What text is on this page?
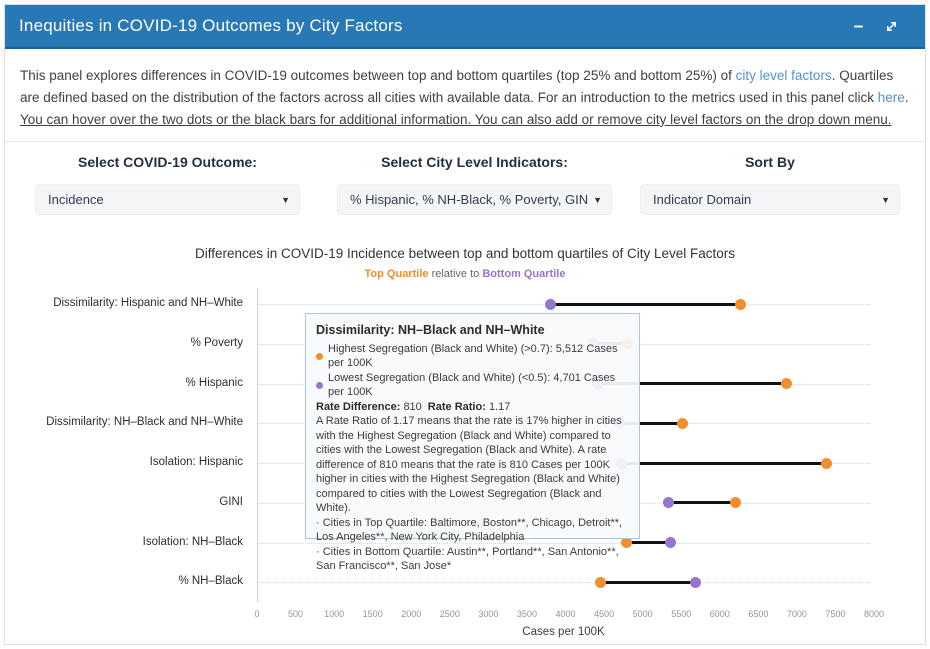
Inequities in COVID-19 Outcomes by City Factors

This panel explores differences in COVID-19 outcomes between top and bottom quartiles (top 25% and bottom 25%) of city level factors. Quartiles are defined based on the distribution of the factors across all cities with available data. For an introduction to the metrics used in this panel click here. You can hover over the two dots or the black bars for additional information. You can also add or remove city level factors on the drop down menu.

Select COVID-19 Outcome:
Incidence	▼
Select City Level Indicators:
% Hispanic, % NH-Black, % Poverty, GIN ▼
Sort By
Indicator Domain	▼
Differences in COVID-19 Incidence between top and bottom quartiles of City Level Factors
Top Quartile relative to Bottom Quartile
Dissimilarity: Hispanic and NH–White
% Poverty
% Hispanic
Dissimilarity: NH–Black and NH–White
Isolation: Hispanic
GINI
Isolation: NH–Black
% NH–Black
0	500 1000 1500 2000 2500 3000 3500 4000 4500 5000 5500 6000 6500 7000 7500 8000
Cases per 100K
Dissimilarity: NH–Black and NH–White
Highest Segregation (Black and White) (>0.7): 5,512 Cases per 100K
Lowest Segregation (Black and White) (<0.5): 4,701 Cases per 100K
Rate Difference : 810 Rate Ratio : 1.17
A Rate Ratio of 1.17 means that the rate is 17% higher in cities with the Highest Segregation (Black and White) compared to cities with the Lowest Segregation (Black and White). A rate difference of 810 means that the rate is 810 Cases per 100K higher in cities with the Highest Segregation (Black and White) compared to cities with the Lowest Segregation (Black and White).
· Cities in Top Quartile: Baltimore, Boston**, Chicago, Detroit**, Los Angeles**, New York City, Philadelphia
· Cities in Bottom Quartile: Austin**, Portland**, San Antonio**, San Francisco**, San Jose*
